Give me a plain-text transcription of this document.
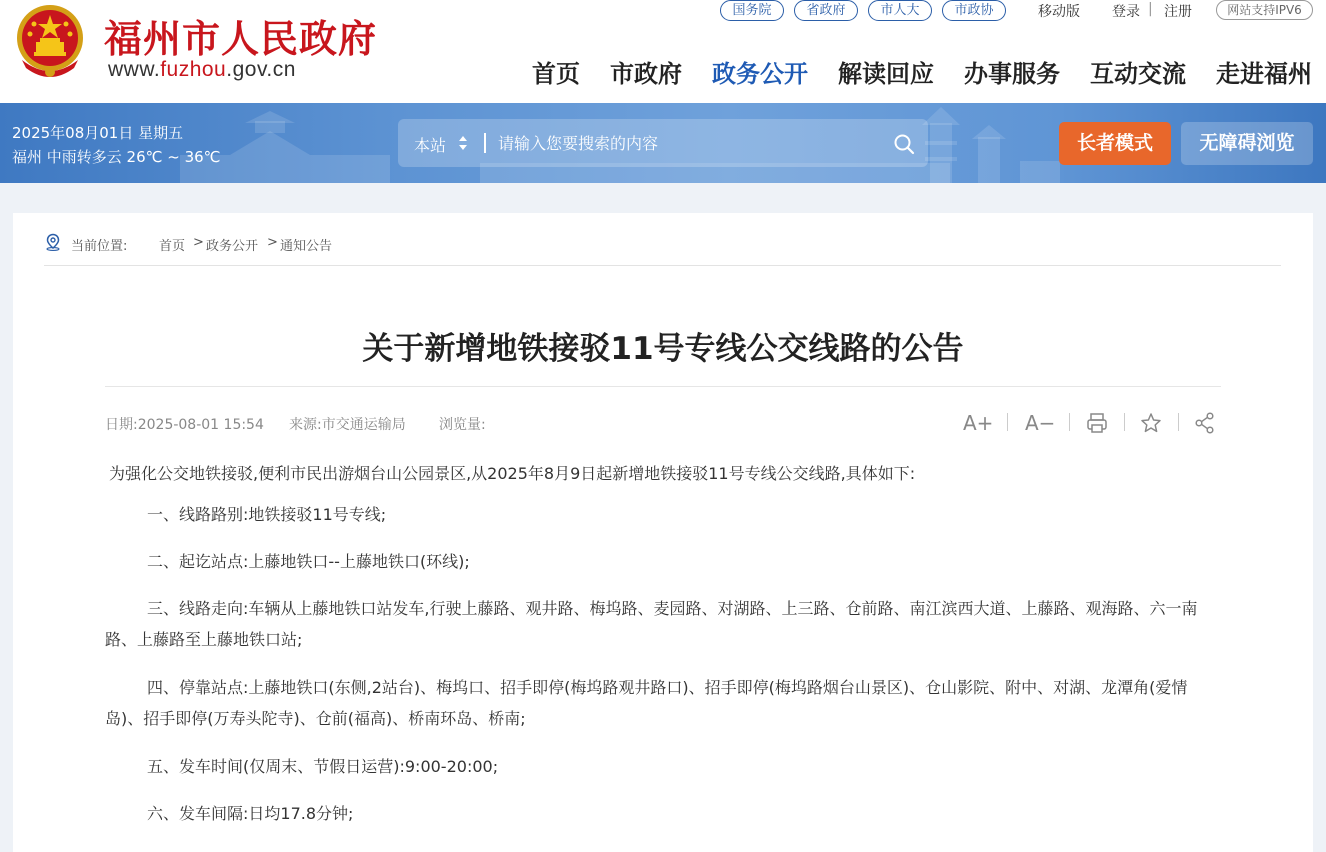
福州市人民政府
www.fuzhou.gov.cn
国务院	省政府	市人大	市政协	移动版 登录 | 注册	网站支持IPV6
首页 市政府 政务公开 解读回应 办事服务 互动交流 走进福州
2025年08月01日 星期五
福州 中雨转多云 26℃ ~ 36℃
本站
请输入您要搜索的内容	长者模式	无障碍浏览
当前位置: 首页 > 政务公开 > 通知公告
关于新增地铁接驳11号专线公交线路的公告
日期:2025-08-01 15:54 来源:市交通运输局 浏览量:	A+ A−
为强化公交地铁接驳,便利市民出游烟台山公园景区,从2025年8月9日起新增地铁接驳11号专线公交线路,具体如下:
一、线路路别:地铁接驳11号专线;
二、起讫站点:上藤地铁口--上藤地铁口(环线);
三、线路走向:车辆从上藤地铁口站发车,行驶上藤路、观井路、梅坞路、麦园路、对湖路、上三路、仓前路、南江滨西大道、上藤路、观海路、六一南路、上藤路至上藤地铁口站;
四、停靠站点:上藤地铁口(东侧,2站台)、梅坞口、招手即停(梅坞路观井路口)、招手即停(梅坞路烟台山景区)、仓山影院、附中、对湖、龙潭角(爱情岛)、招手即停(万寿头陀寺)、仓前(福高)、桥南环岛、桥南;
五、发车时间(仅周末、节假日运营):9:00-20:00;
六、发车间隔:日均17.8分钟;
